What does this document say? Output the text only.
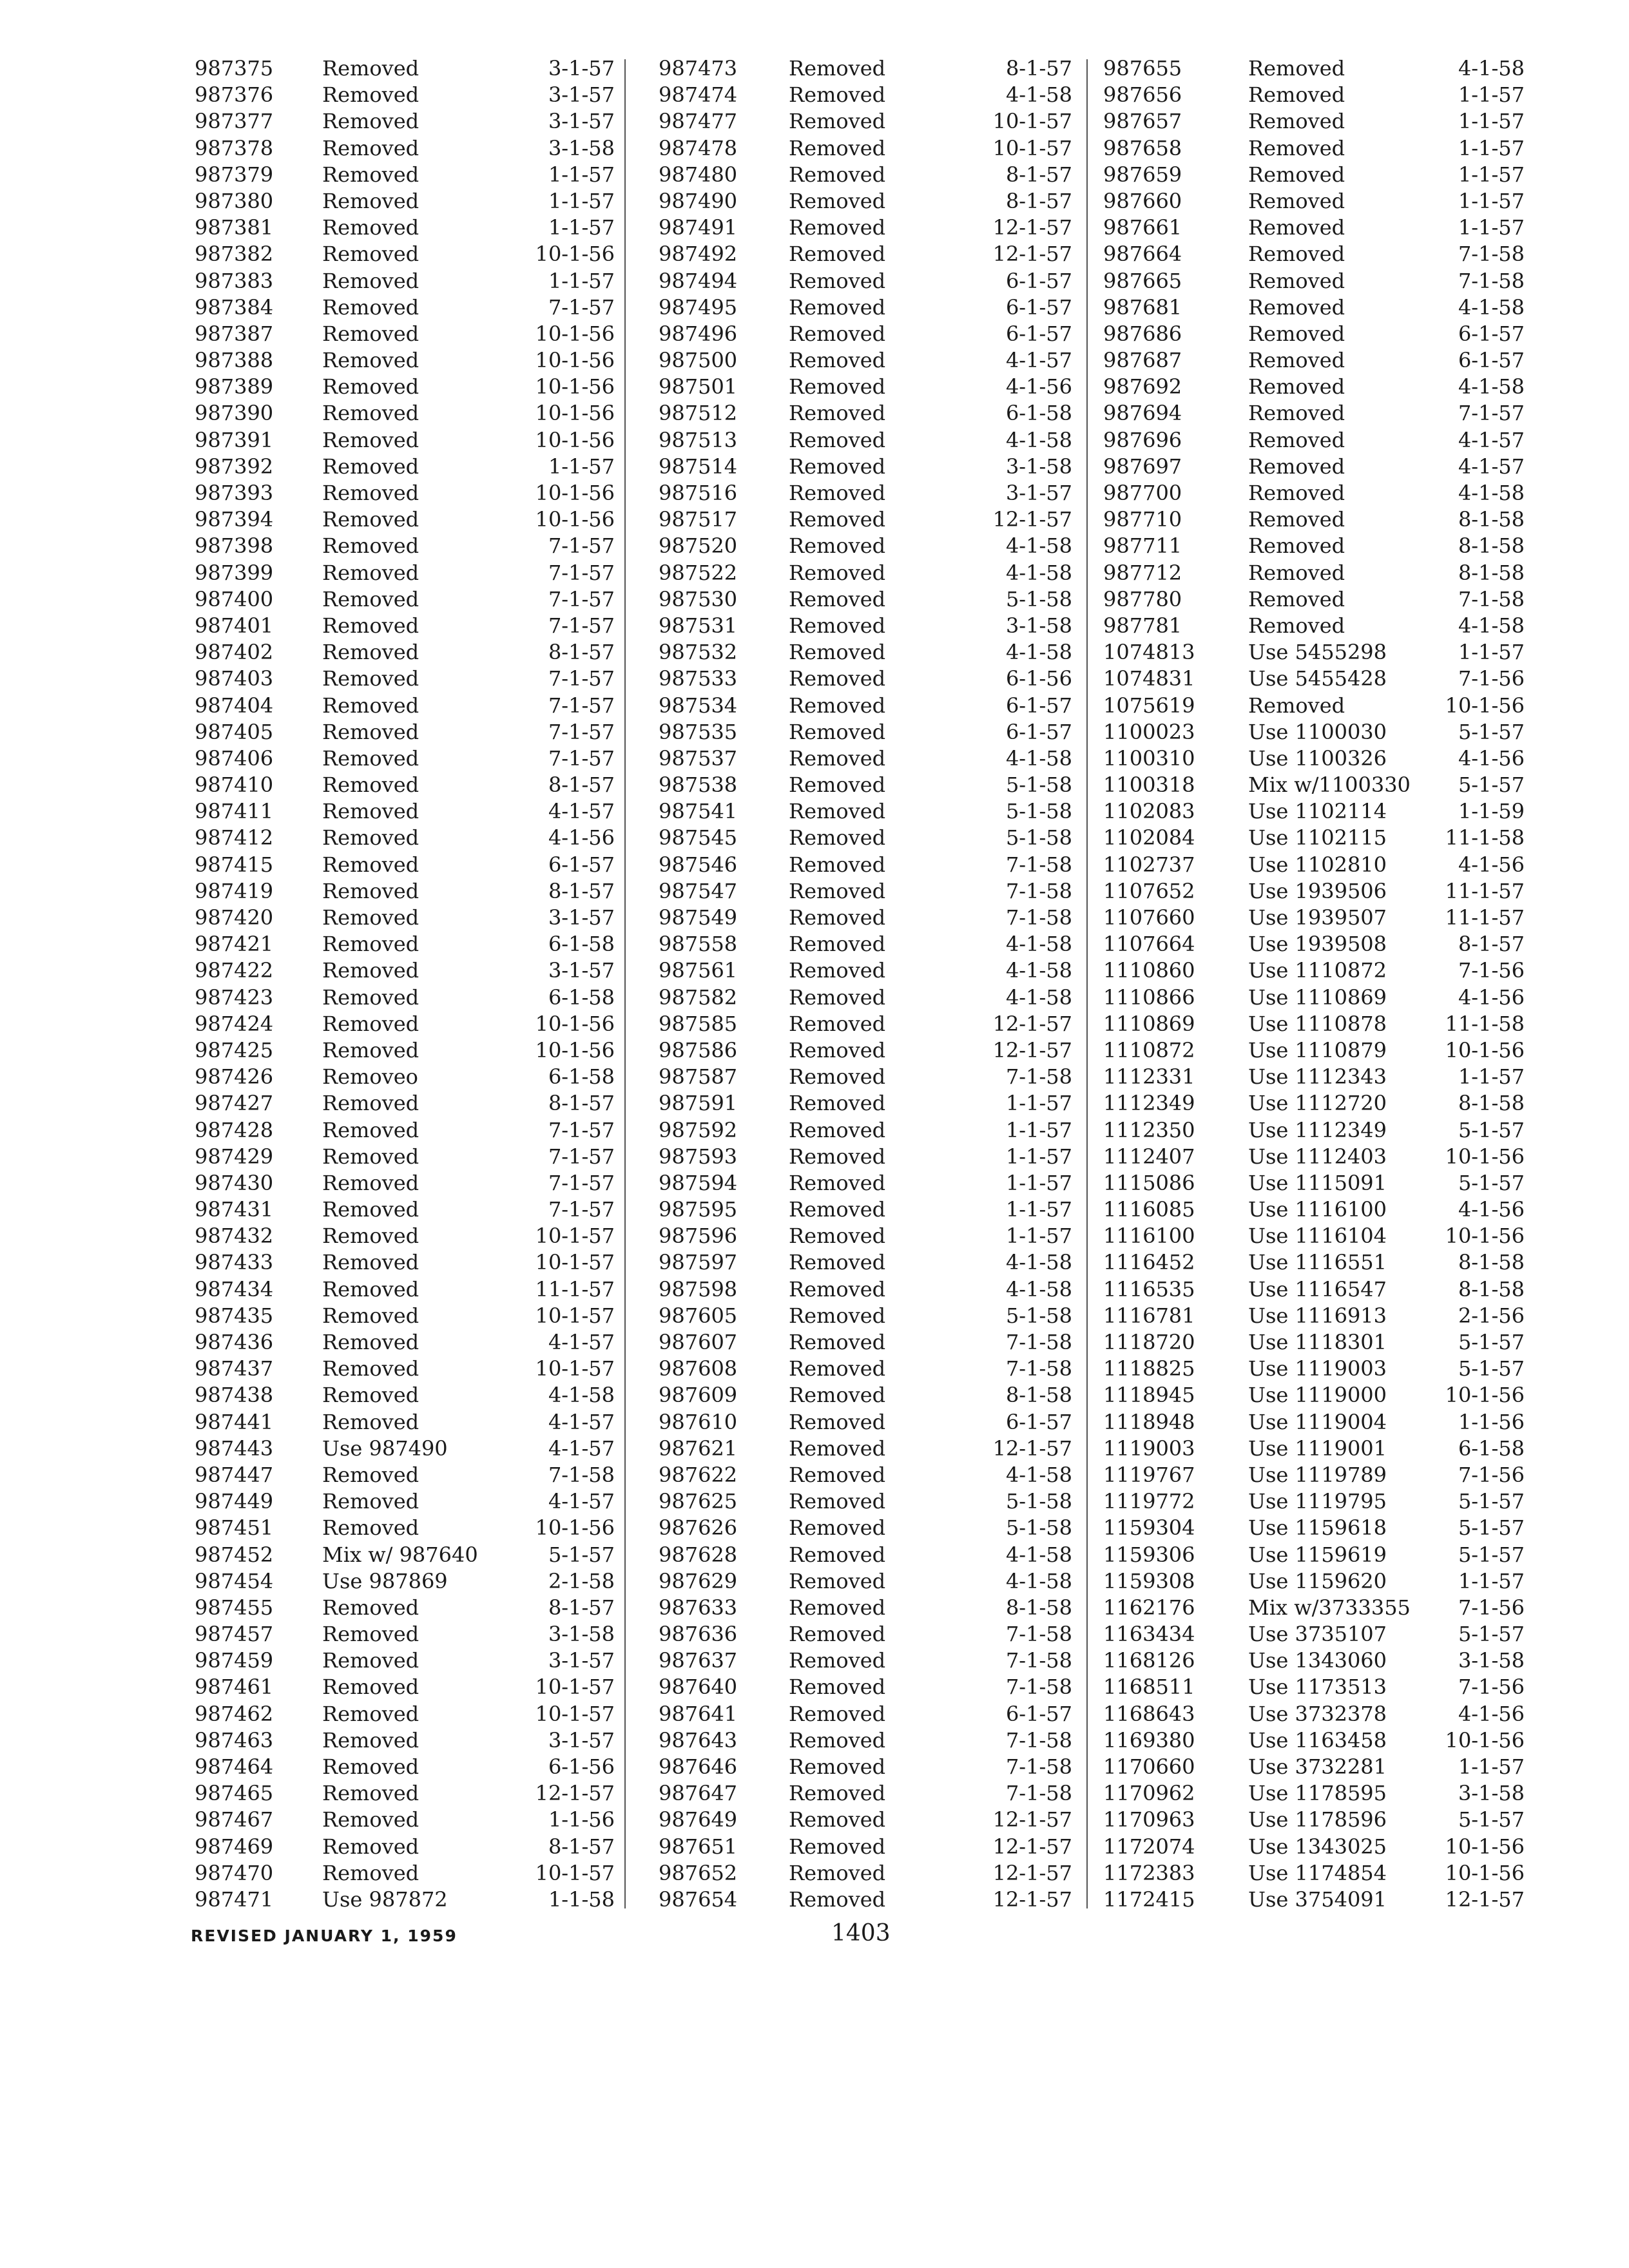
987375 Removed	3-1-57
987376 Removed	3-1-57
987377 Removed	3-1-57
987378 Removed	3-1-58
987379 Removed	1-1-57
987380 Removed	1-1-57
987381 Removed	1-1-57
987382 Removed	10-1-56
987383 Removed	1-1-57
987384 Removed	7-1-57
987387 Removed	10-1-56
987388 Removed	10-1-56
987389 Removed	10-1-56
987390 Removed	10-1-56
987391 Removed	10-1-56
987392 Removed	1-1-57
987393 Removed	10-1-56
987394 Removed	10-1-56
987398 Removed	7-1-57
987399 Removed	7-1-57
987400 Removed	7-1-57
987401 Removed	7-1-57
987402 Removed	8-1-57
987403 Removed	7-1-57
987404 Removed	7-1-57
987405 Removed	7-1-57
987406 Removed	7-1-57
987410 Removed	8-1-57
987411 Removed	4-1-57
987412 Removed	4-1-56
987415 Removed	6-1-57
987419 Removed	8-1-57
987420 Removed	3-1-57
987421 Removed	6-1-58
987422 Removed	3-1-57
987423 Removed	6-1-58
987424 Removed	10-1-56
987425 Removed	10-1-56
987426 Removeo	6-1-58
987427 Removed	8-1-57
987428 Removed	7-1-57
987429 Removed	7-1-57
987430 Removed	7-1-57
987431 Removed	7-1-57
987432 Removed	10-1-57
987433 Removed	10-1-57
987434 Removed	11-1-57
987435 Removed	10-1-57
987436 Removed	4-1-57
987437 Removed	10-1-57
987438 Removed	4-1-58
987441 Removed	4-1-57
987443 Use 987490	4-1-57
987447 Removed	7-1-58
987449 Removed	4-1-57
987451 Removed	10-1-56
987452 Mix w/ 987640	5-1-57
987454 Use 987869	2-1-58
987455 Removed	8-1-57
987457 Removed	3-1-58
987459 Removed	3-1-57
987461 Removed	10-1-57
987462 Removed	10-1-57
987463 Removed	3-1-57
987464 Removed	6-1-56
987465 Removed	12-1-57
987467 Removed	1-1-56
987469 Removed	8-1-57
987470 Removed	10-1-57
987471 Use 987872	1-1-58
987473 Removed	8-1-57
987474 Removed	4-1-58
987477 Removed	10-1-57
987478 Removed	10-1-57
987480 Removed	8-1-57
987490 Removed	8-1-57
987491 Removed	12-1-57
987492 Removed	12-1-57
987494 Removed	6-1-57
987495 Removed	6-1-57
987496 Removed	6-1-57
987500 Removed	4-1-57
987501 Removed	4-1-56
987512 Removed	6-1-58
987513 Removed	4-1-58
987514 Removed	3-1-58
987516 Removed	3-1-57
987517 Removed	12-1-57
987520 Removed	4-1-58
987522 Removed	4-1-58
987530 Removed	5-1-58
987531 Removed	3-1-58
987532 Removed	4-1-58
987533 Removed	6-1-56
987534 Removed	6-1-57
987535 Removed	6-1-57
987537 Removed	4-1-58
987538 Removed	5-1-58
987541 Removed	5-1-58
987545 Removed	5-1-58
987546 Removed	7-1-58
987547 Removed	7-1-58
987549 Removed	7-1-58
987558 Removed	4-1-58
987561 Removed	4-1-58
987582 Removed	4-1-58
987585 Removed	12-1-57
987586 Removed	12-1-57
987587 Removed	7-1-58
987591 Removed	1-1-57
987592 Removed	1-1-57
987593 Removed	1-1-57
987594 Removed	1-1-57
987595 Removed	1-1-57
987596 Removed	1-1-57
987597 Removed	4-1-58
987598 Removed	4-1-58
987605 Removed	5-1-58
987607 Removed	7-1-58
987608 Removed	7-1-58
987609 Removed	8-1-58
987610 Removed	6-1-57
987621 Removed	12-1-57
987622 Removed	4-1-58
987625 Removed	5-1-58
987626 Removed	5-1-58
987628 Removed	4-1-58
987629 Removed	4-1-58
987633 Removed	8-1-58
987636 Removed	7-1-58
987637 Removed	7-1-58
987640 Removed	7-1-58
987641 Removed	6-1-57
987643 Removed	7-1-58
987646 Removed	7-1-58
987647 Removed	7-1-58
987649 Removed	12-1-57
987651 Removed	12-1-57
987652 Removed	12-1-57
987654 Removed	12-1-57
987655	Removed	4-1-58
987656	Removed	1-1-57
987657	Removed	1-1-57
987658	Removed	1-1-57
987659	Removed	1-1-57
987660	Removed	1-1-57
987661	Removed	1-1-57
987664	Removed	7-1-58
987665	Removed	7-1-58
987681	Removed	4-1-58
987686	Removed	6-1-57
987687	Removed	6-1-57
987692	Removed	4-1-58
987694	Removed	7-1-57
987696	Removed	4-1-57
987697	Removed	4-1-57
987700	Removed	4-1-58
987710	Removed	8-1-58
987711	Removed	8-1-58
987712	Removed	8-1-58
987780	Removed	7-1-58
987781	Removed	4-1-58
1074813	Use 5455298	1-1-57
1074831	Use 5455428	7-1-56
1075619	Removed	10-1-56
1100023	Use 1100030	5-1-57
1100310	Use 1100326	4-1-56
1100318	Mix w/1100330 5-1-57
1102083	Use 1102114	1-1-59
1102084	Use 1102115	11-1-58
1102737	Use 1102810	4-1-56
1107652	Use 1939506	11-1-57
1107660	Use 1939507	11-1-57
1107664	Use 1939508	8-1-57
1110860	Use 1110872	7-1-56
1110866	Use 1110869	4-1-56
1110869	Use 1110878	11-1-58
1110872	Use 1110879	10-1-56
1112331	Use 1112343	1-1-57
1112349	Use 1112720	8-1-58
1112350	Use 1112349	5-1-57
1112407	Use 1112403	10-1-56
1115086	Use 1115091	5-1-57
1116085	Use 1116100	4-1-56
1116100	Use 1116104	10-1-56
1116452	Use 1116551	8-1-58
1116535	Use 1116547	8-1-58
1116781	Use 1116913	2-1-56
1118720	Use 1118301	5-1-57
1118825	Use 1119003	5-1-57
1118945	Use 1119000	10-1-56
1118948	Use 1119004	1-1-56
1119003	Use 1119001	6-1-58
1119767	Use 1119789	7-1-56
1119772	Use 1119795	5-1-57
1159304	Use 1159618	5-1-57
1159306	Use 1159619	5-1-57
1159308	Use 1159620	1-1-57
1162176	Mix w/3733355 7-1-56
1163434	Use 3735107	5-1-57
1168126	Use 1343060	3-1-58
1168511	Use 1173513	7-1-56
1168643	Use 3732378	4-1-56
1169380	Use 1163458	10-1-56
1170660	Use 3732281	1-1-57
1170962	Use 1178595	3-1-58
1170963	Use 1178596	5-1-57
1172074	Use 1343025	10-1-56
1172383	Use 1174854	10-1-56
1172415	Use 3754091	12-1-57
REVISED JANUARY 1, 1959	1403
